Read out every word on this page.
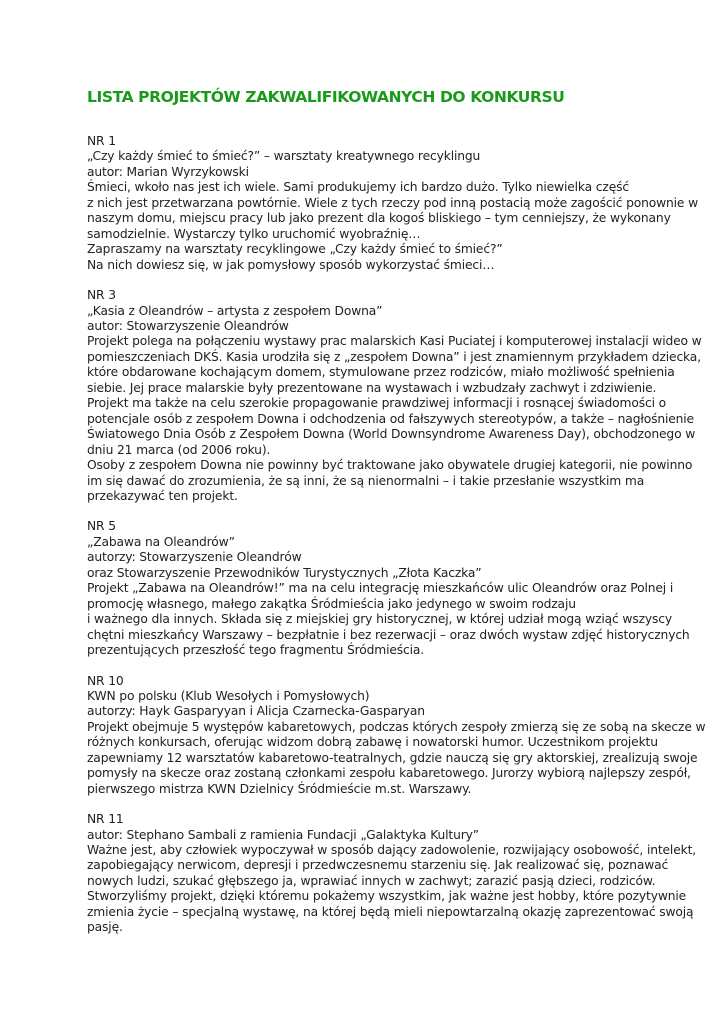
LISTA PROJEKTÓW ZAKWALIFIKOWANYCH DO KONKURSU
NR 1
„Czy każdy śmieć to śmieć?” – warsztaty kreatywnego recyklingu
autor: Marian Wyrzykowski
Śmieci, wkoło nas jest ich wiele. Sami produkujemy ich bardzo dużo. Tylko niewielka część
z nich jest przetwarzana powtórnie. Wiele z tych rzeczy pod inną postacią może zagościć ponownie w
naszym domu, miejscu pracy lub jako prezent dla kogoś bliskiego – tym cenniejszy, że wykonany
samodzielnie. Wystarczy tylko uruchomić wyobraźnię…
Zapraszamy na warsztaty recyklingowe „Czy każdy śmieć to śmieć?”
Na nich dowiesz się, w jak pomysłowy sposób wykorzystać śmieci…
NR 3
„Kasia z Oleandrów – artysta z zespołem Downa”
autor: Stowarzyszenie Oleandrów
Projekt polega na połączeniu wystawy prac malarskich Kasi Puciatej i komputerowej instalacji wideo w
pomieszczeniach DKŚ. Kasia urodziła się z „zespołem Downa” i jest znamiennym przykładem dziecka,
które obdarowane kochającym domem, stymulowane przez rodziców, miało możliwość spełnienia
siebie. Jej prace malarskie były prezentowane na wystawach i wzbudzały zachwyt i zdziwienie.
Projekt ma także na celu szerokie propagowanie prawdziwej informacji i rosnącej świadomości o
potencjale osób z zespołem Downa i odchodzenia od fałszywych stereotypów, a także – nagłośnienie
Światowego Dnia Osób z Zespołem Downa (World Downsyndrome Awareness Day), obchodzonego w
dniu 21 marca (od 2006 roku).
Osoby z zespołem Downa nie powinny być traktowane jako obywatele drugiej kategorii, nie powinno
im się dawać do zrozumienia, że są inni, że są nienormalni – i takie przesłanie wszystkim ma
przekazywać ten projekt.
NR 5
„Zabawa na Oleandrów”
autorzy: Stowarzyszenie Oleandrów
oraz Stowarzyszenie Przewodników Turystycznych „Złota Kaczka”
Projekt „Zabawa na Oleandrów!” ma na celu integrację mieszkańców ulic Oleandrów oraz Polnej i
promocję własnego, małego zakątka Śródmieścia jako jedynego w swoim rodzaju
i ważnego dla innych. Składa się z miejskiej gry historycznej, w której udział mogą wziąć wszyscy
chętni mieszkańcy Warszawy – bezpłatnie i bez rezerwacji – oraz dwóch wystaw zdjęć historycznych
prezentujących przeszłość tego fragmentu Śródmieścia.
NR 10
KWN po polsku (Klub Wesołych i Pomysłowych)
autorzy: Hayk Gasparyyan i Alicja Czarnecka-Gasparyan
Projekt obejmuje 5 występów kabaretowych, podczas których zespoły zmierzą się ze sobą na skecze w
różnych konkursach, oferując widzom dobrą zabawę i nowatorski humor. Uczestnikom projektu
zapewniamy 12 warsztatów kabaretowo-teatralnych, gdzie nauczą się gry aktorskiej, zrealizują swoje
pomysły na skecze oraz zostaną członkami zespołu kabaretowego. Jurorzy wybiorą najlepszy zespół,
pierwszego mistrza KWN Dzielnicy Śródmieście m.st. Warszawy.
NR 11
autor: Stephano Sambali z ramienia Fundacji „Galaktyka Kultury”
Ważne jest, aby człowiek wypoczywał w sposób dający zadowolenie, rozwijający osobowość, intelekt,
zapobiegający nerwicom, depresji i przedwczesnemu starzeniu się. Jak realizować się, poznawać
nowych ludzi, szukać głębszego ja, wprawiać innych w zachwyt; zarazić pasją dzieci, rodziców.
Stworzyliśmy projekt, dzięki któremu pokażemy wszystkim, jak ważne jest hobby, które pozytywnie
zmienia życie – specjalną wystawę, na której będą mieli niepowtarzalną okazję zaprezentować swoją
pasję.
